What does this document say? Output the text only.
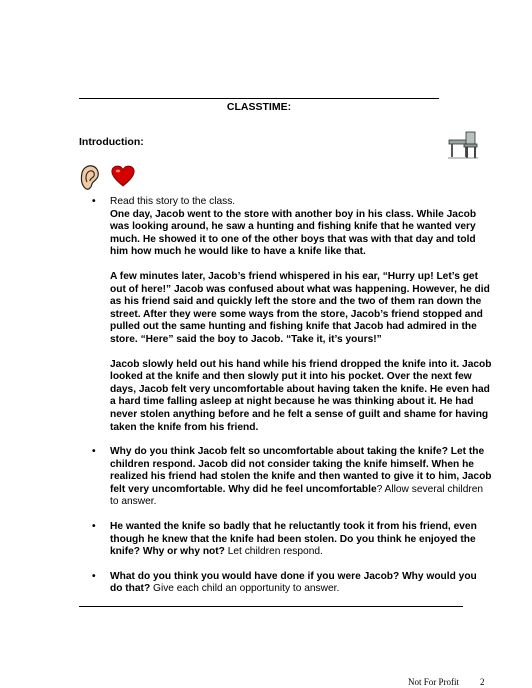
CLASSTIME:
Introduction:
• Read this story to the class.

One day, Jacob went to the store with another boy in his class. While Jacob was looking around, he saw a hunting and fishing knife that he wanted very much. He showed it to one of the other boys that was with that day and told him how much he would like to have a knife like that.

A few minutes later, Jacob’s friend whispered in his ear, “Hurry up! Let’s get out of here!” Jacob was confused about what was happening. However, he did as his friend said and quickly left the store and the two of them ran down the street. After they were some ways from the store, Jacob’s friend stopped and pulled out the same hunting and fishing knife that Jacob had admired in the store. “Here” said the boy to Jacob. “Take it, it’s yours!”

Jacob slowly held out his hand while his friend dropped the knife into it. Jacob looked at the knife and then slowly put it into his pocket. Over the next few days, Jacob felt very uncomfortable about having taken the knife. He even had a hard time falling asleep at night because he was thinking about it. He had never stolen anything before and he felt a sense of guilt and shame for having taken the knife from his friend.

• Why do you think Jacob felt so uncomfortable about taking the knife? Let the children respond. Jacob did not consider taking the knife himself. When he realized his friend had stolen the knife and then wanted to give it to him, Jacob felt very uncomfortable. Why did he feel uncomfortable? Allow several children to answer.
• He wanted the knife so badly that he reluctantly took it from his friend, even though he knew that the knife had been stolen. Do you think he enjoyed the knife? Why or why not? Let children respond.
• What do you think you would have done if you were Jacob? Why would you do that? Give each child an opportunity to answer.
Not For Profit 2
